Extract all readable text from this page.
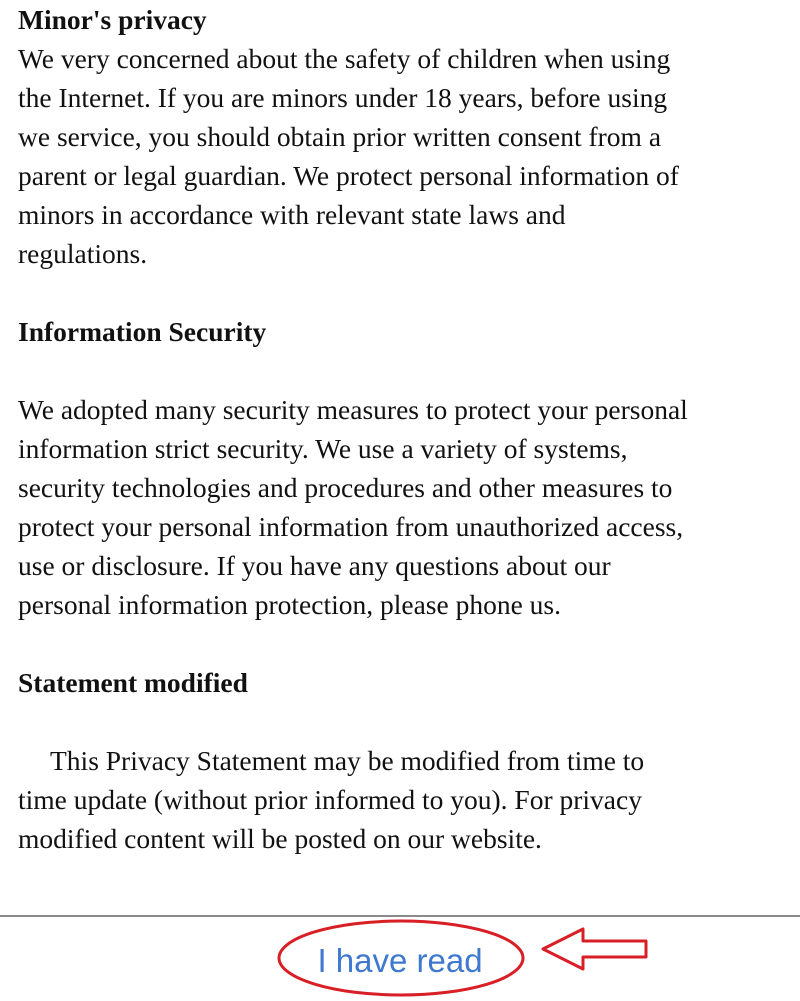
Minor's privacy
We very concerned about the safety of children when using
the Internet. If you are minors under 18 years, before using
we service, you should obtain prior written consent from a
parent or legal guardian. We protect personal information of
minors in accordance with relevant state laws and
regulations.
Information Security
We adopted many security measures to protect your personal
information strict security. We use a variety of systems,
security technologies and procedures and other measures to
protect your personal information from unauthorized access,
use or disclosure. If you have any questions about our
personal information protection, please phone us.
Statement modified
This Privacy Statement may be modified from time to
time update (without prior informed to you). For privacy
modified content will be posted on our website.
I have read
